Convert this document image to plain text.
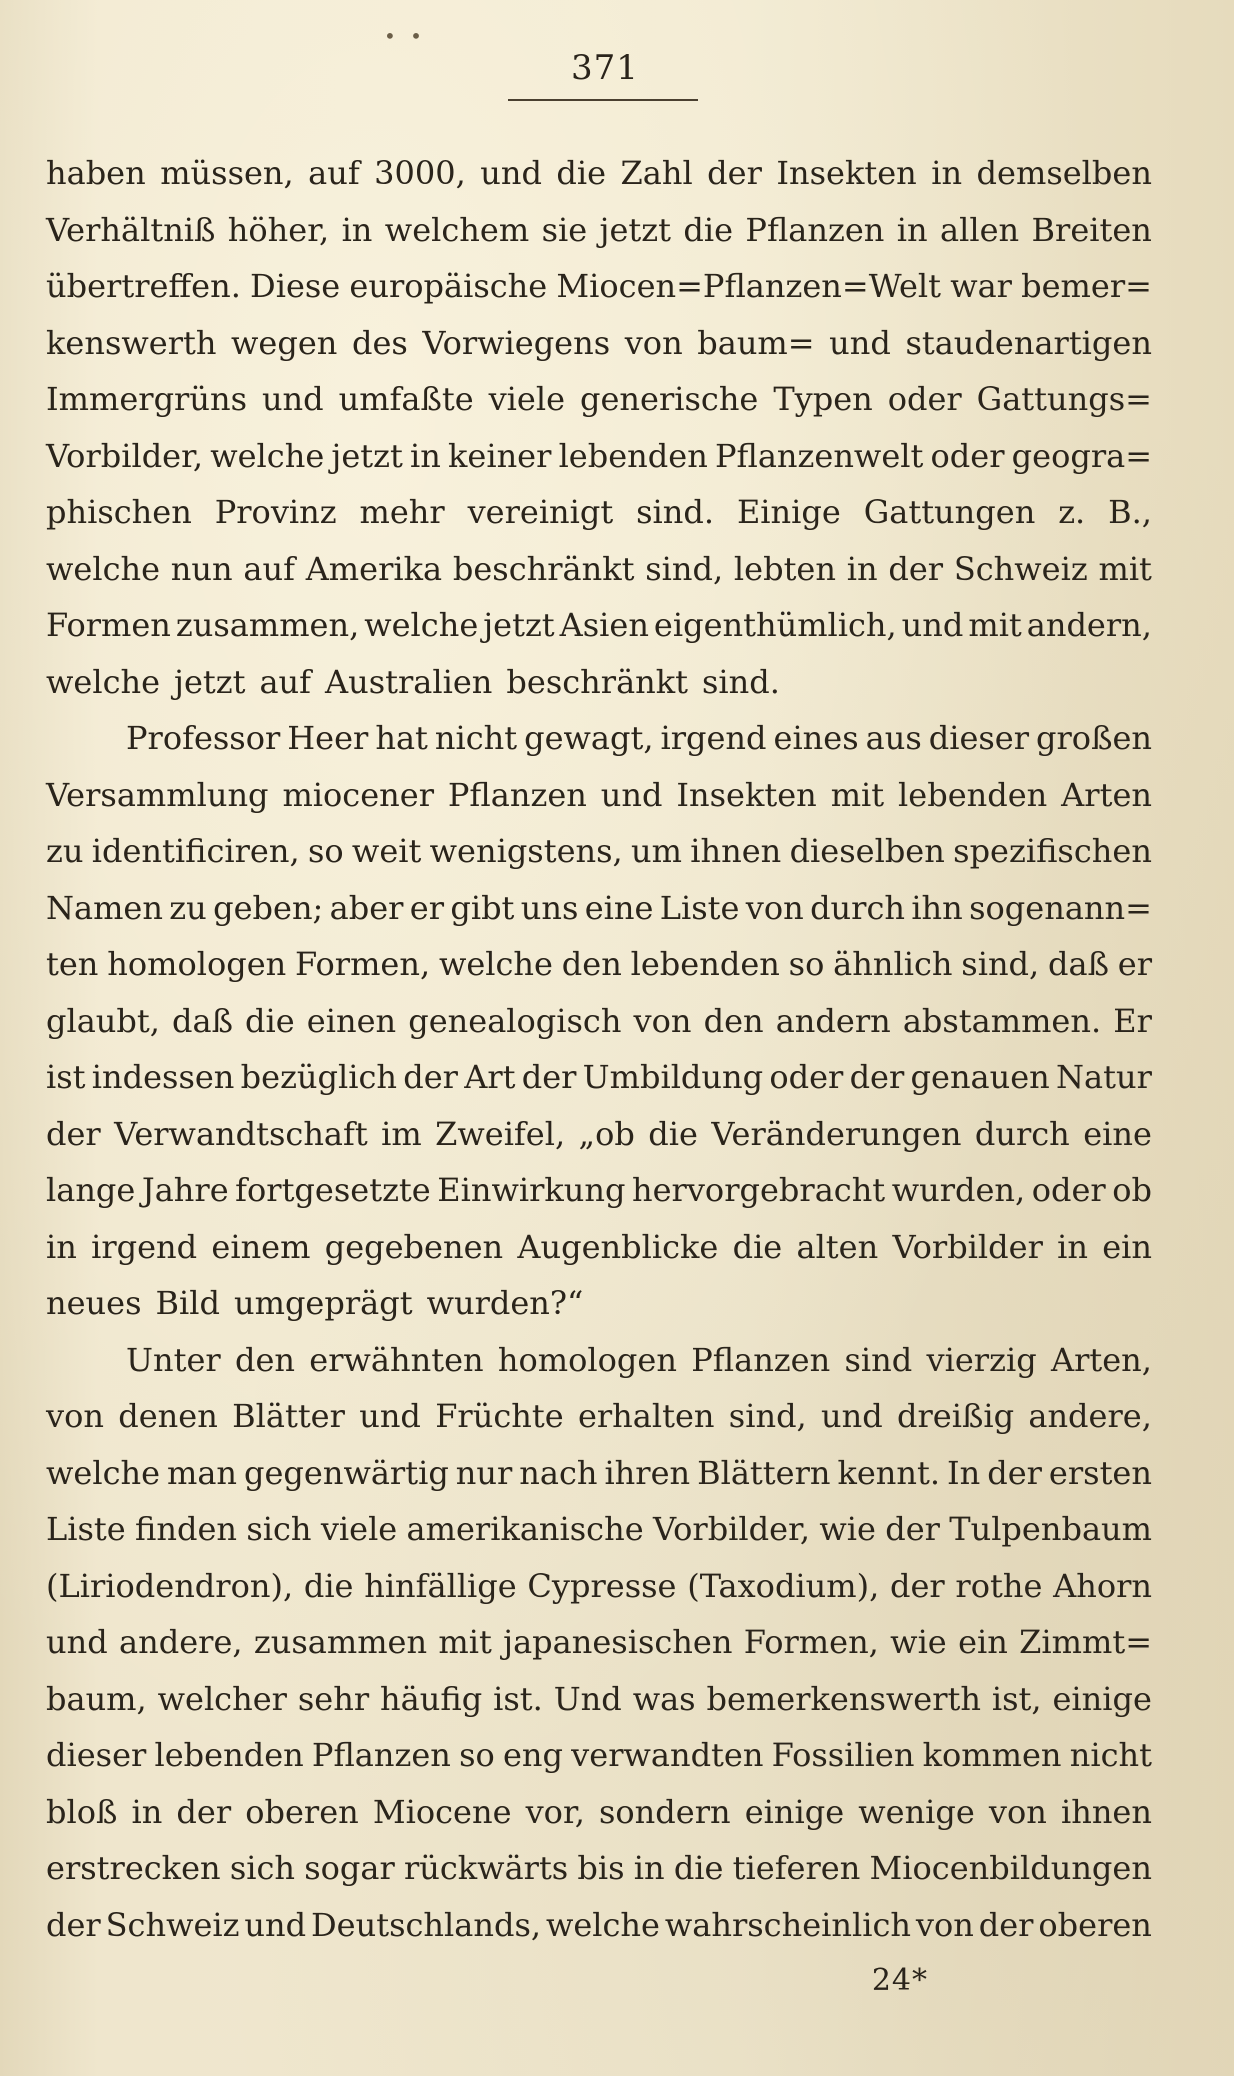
• •
371
haben müssen, auf 3000, und die Zahl der Insekten in demselben
Verhältniß höher, in welchem sie jetzt die Pflanzen in allen Breiten
übertreffen. Diese europäische Miocen=Pflanzen=Welt war bemer=
kenswerth wegen des Vorwiegens von baum= und staudenartigen
Immergrüns und umfaßte viele generische Typen oder Gattungs=
Vorbilder, welche jetzt in keiner lebenden Pflanzenwelt oder geogra=
phischen Provinz mehr vereinigt sind. Einige Gattungen z. B.,
welche nun auf Amerika beschränkt sind, lebten in der Schweiz mit
Formen zusammen, welche jetzt Asien eigenthümlich, und mit andern,
welche jetzt auf Australien beschränkt sind.
Professor Heer hat nicht gewagt, irgend eines aus dieser großen
Versammlung miocener Pflanzen und Insekten mit lebenden Arten
zu identificiren, so weit wenigstens, um ihnen dieselben spezifischen
Namen zu geben; aber er gibt uns eine Liste von durch ihn sogenann=
ten homologen Formen, welche den lebenden so ähnlich sind, daß er
glaubt, daß die einen genealogisch von den andern abstammen. Er
ist indessen bezüglich der Art der Umbildung oder der genauen Natur
der Verwandtschaft im Zweifel, „ob die Veränderungen durch eine
lange Jahre fortgesetzte Einwirkung hervorgebracht wurden, oder ob
in irgend einem gegebenen Augenblicke die alten Vorbilder in ein
neues Bild umgeprägt wurden?“
Unter den erwähnten homologen Pflanzen sind vierzig Arten,
von denen Blätter und Früchte erhalten sind, und dreißig andere,
welche man gegenwärtig nur nach ihren Blättern kennt. In der ersten
Liste finden sich viele amerikanische Vorbilder, wie der Tulpenbaum
(Liriodendron), die hinfällige Cypresse (Taxodium), der rothe Ahorn
und andere, zusammen mit japanesischen Formen, wie ein Zimmt=
baum, welcher sehr häufig ist. Und was bemerkenswerth ist, einige
dieser lebenden Pflanzen so eng verwandten Fossilien kommen nicht
bloß in der oberen Miocene vor, sondern einige wenige von ihnen
erstrecken sich sogar rückwärts bis in die tieferen Miocenbildungen
der Schweiz und Deutschlands, welche wahrscheinlich von der oberen
24*
